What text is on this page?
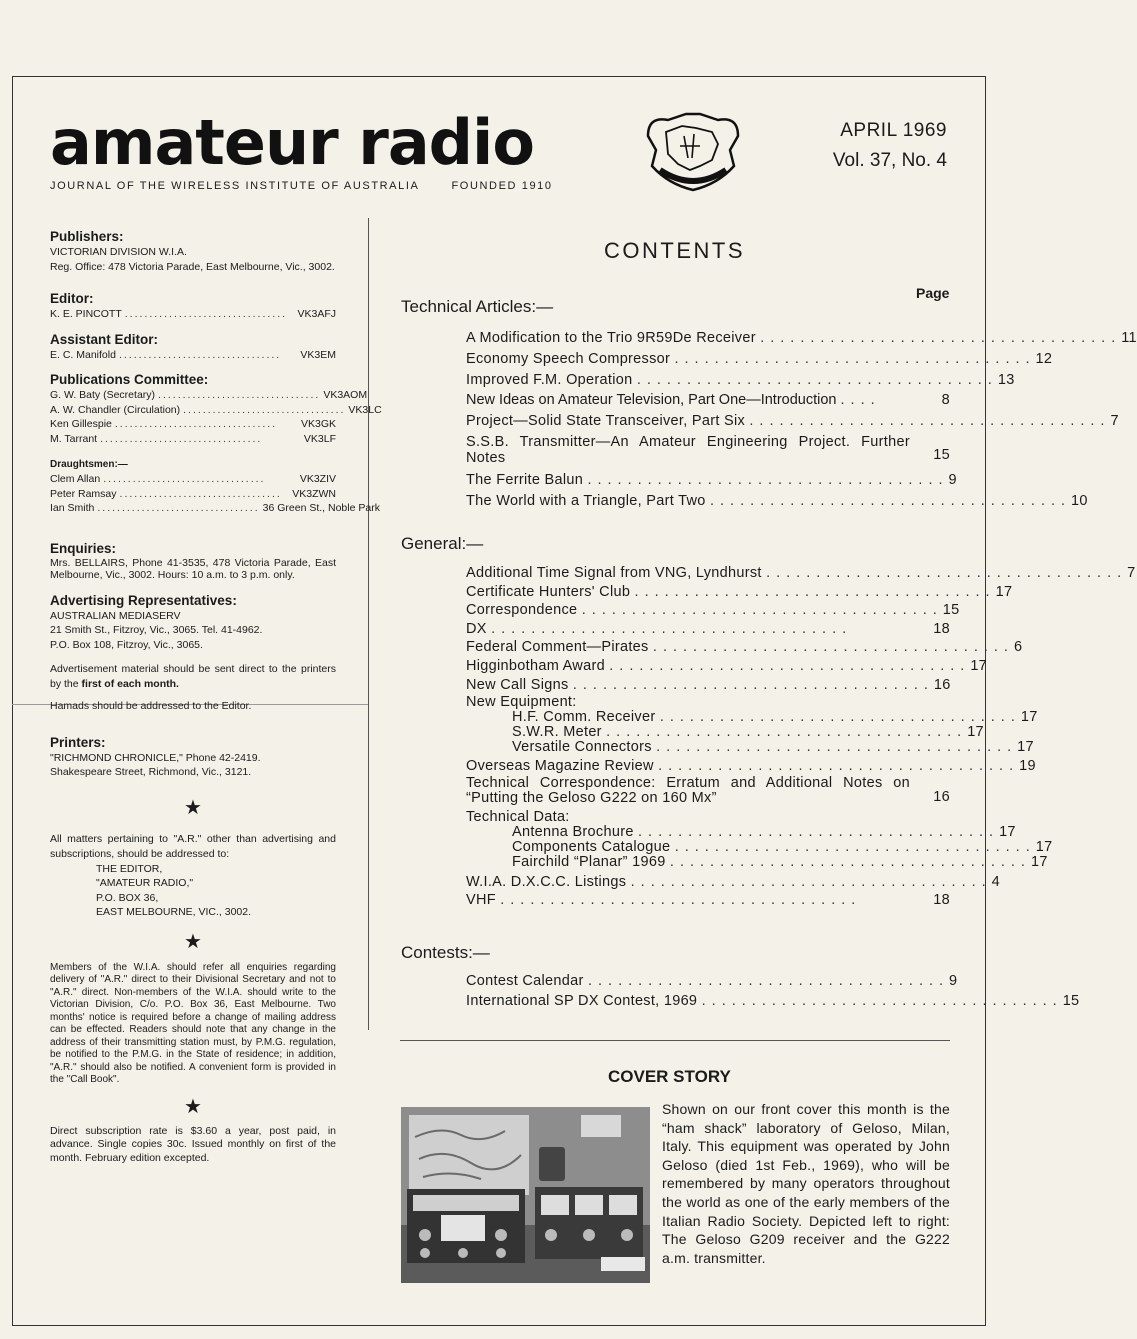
amateur radio
JOURNAL OF THE WIRELESS INSTITUTE OF AUSTRALIA	FOUNDED 1910
APRIL 1969
Vol. 37, No. 4
Publishers:

VICTORIAN DIVISION W.I.A.

Reg. Office: 478 Victoria Parade, East Melbourne, Vic., 3002.

Editor:
K. E. PINCOTT ................................. VK3AFJ
Assistant Editor:
E. C. Manifold .................................	VK3EM
Publications Committee:
G. W. Baty (Secretary) ................................. VK3AOM
A. W. Chandler (Circulation) ................................. VK3LC
Ken Gillespie .................................	VK3GK
M. Tarrant .................................	VK3LF
Draughtsmen:—
Clem Allan .................................	VK3ZIV
Peter Ramsay ................................. VK3ZWN
Ian Smith ................................. 36 Green St., Noble Park
Enquiries:

Mrs. BELLAIRS, Phone 41-3535, 478 Victoria Parade, East Melbourne, Vic., 3002. Hours: 10 a.m. to 3 p.m. only.

Advertising Representatives:

AUSTRALIAN MEDIASERV

21 Smith St., Fitzroy, Vic., 3065. Tel. 41-4962.

P.O. Box 108, Fitzroy, Vic., 3065.

Advertisement material should be sent direct to the printers by the first of each month.

Hamads should be addressed to the Editor.

Printers:

"RICHMOND CHRONICLE," Phone 42-2419.

Shakespeare Street, Richmond, Vic., 3121.

★

All matters pertaining to "A.R." other than advertising and subscriptions, should be addressed to:

THE EDITOR,

"AMATEUR RADIO,"

P.O. BOX 36,

EAST MELBOURNE, VIC., 3002.

★

Members of the W.I.A. should refer all enquiries regarding delivery of "A.R." direct to their Divisional Secretary and not to "A.R." direct. Non-members of the W.I.A. should write to the Victorian Division, C/o. P.O. Box 36, East Melbourne. Two months' notice is required before a change of mailing address can be effected. Readers should note that any change in the address of their transmitting station must, by P.M.G. regulation, be notified to the P.M.G. in the State of residence; in addition, "A.R." should also be notified. A convenient form is provided in the "Call Book".

★

Direct subscription rate is $3.60 a year, post paid, in advance. Single copies 30c. Issued monthly on first of the month. February edition excepted.

CONTENTS
Page
Technical Articles:—
A Modification to the Trio 9R59De Receiver .................................... 11
Economy Speech Compressor .................................... 12
Improved F.M. Operation .................................... 13
New Ideas on Amateur Television, Part One—Introduction ....	8
Project—Solid State Transceiver, Part Six .................................... 7
S.S.B. Transmitter—An Amateur Engineering Project. Further Notes	15
The Ferrite Balun .................................... 9
The World with a Triangle, Part Two .................................... 10
General:—
Additional Time Signal from VNG, Lyndhurst .................................... 7
Certificate Hunters' Club .................................... 17
Correspondence .................................... 15
DX ....................................	18
Federal Comment—Pirates .................................... 6
Higginbotham Award .................................... 17
New Call Signs .................................... 16
New Equipment:
H.F. Comm. Receiver .................................... 17
S.W.R. Meter .................................... 17
Versatile Connectors .................................... 17
Overseas Magazine Review .................................... 19
Technical Correspondence: Erratum and Additional Notes on “Putting the Geloso G222 on 160 Mx”	16
Technical Data:
Antenna Brochure .................................... 17
Components Catalogue .................................... 17
Fairchild “Planar” 1969 .................................... 17
W.I.A. D.X.C.C. Listings .................................... 4
VHF ....................................	18
Contests:—
Contest Calendar .................................... 9
International SP DX Contest, 1969 .................................... 15
COVER STORY
Shown on our front cover this month is the “ham shack” laboratory of Geloso, Milan, Italy. This equipment was operated by John Geloso (died 1st Feb., 1969), who will be remembered by many operators throughout the world as one of the early members of the Italian Radio Society. Depicted left to right: The Geloso G209 receiver and the G222 a.m. transmitter.
